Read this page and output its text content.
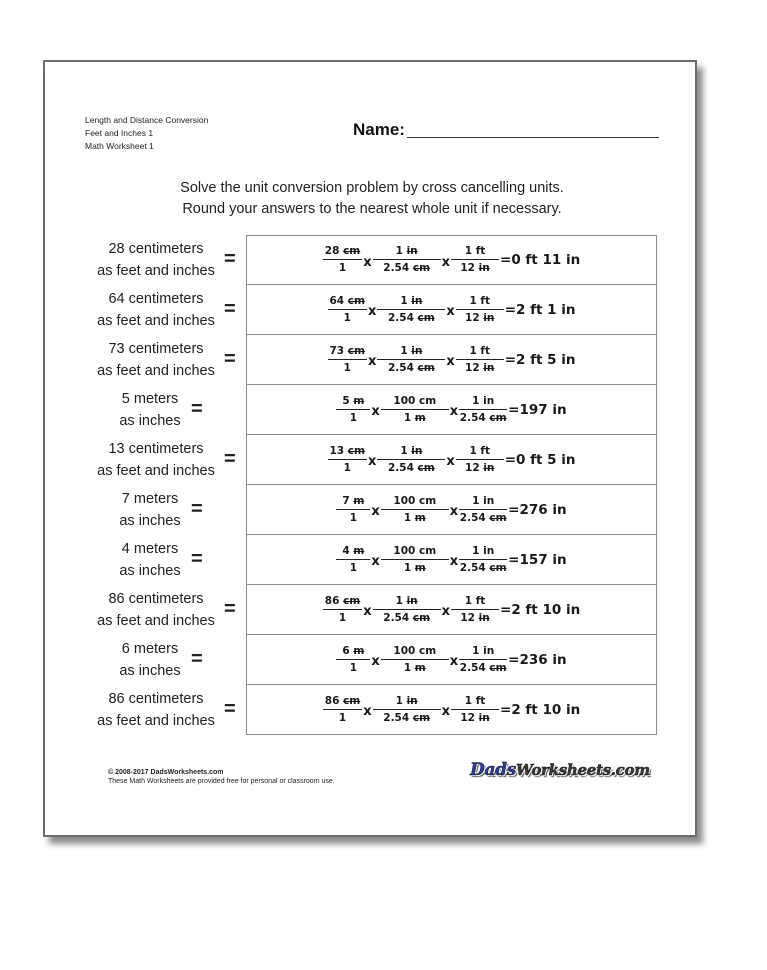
Length and Distance Conversion
Feet and Inches 1
Math Worksheet 1
Name:
Solve the unit conversion problem by cross cancelling units.
Round your answers to the nearest whole unit if necessary.
28 centimeters
as feet and inches
=	$\frac{28 cm}{1}$ x $\frac{1 in}{2.54 cm}$ x $\frac{1 ft}{12 in} =0$ ft 11 in
64 centimeters
as feet and inches
=	$\frac{64 cm}{1}$ x $\frac{1 in}{2.54 cm}$ x $\frac{1 ft}{12 in} =2$ ft 1 in
73 centimeters
as feet and inches
=	$\frac{73 cm}{1}$ x $\frac{1 in}{2.54 cm}$ x $\frac{1 ft}{12 in} =2$ ft 5 in
5 meters
as inches
=	$\frac{5 m}{1}$ x $\frac{100 cm}{1 m}$ x $\frac{1 in}{2.54 cm} =197$ in
13 centimeters
as feet and inches
=	$\frac{13 cm}{1}$ x $\frac{1 in}{2.54 cm}$ x $\frac{1 ft}{12 in} =0$ ft 5 in
7 meters
as inches
=	$\frac{7 m}{1}$ x $\frac{100 cm}{1 m}$ x $\frac{1 in}{2.54 cm} =276$ in
4 meters
as inches
=	$\frac{4 m}{1}$ x $\frac{100 cm}{1 m}$ x $\frac{1 in}{2.54 cm} =157$ in
86 centimeters
as feet and inches
=	$\frac{86 cm}{1}$ x $\frac{1 in}{2.54 cm}$ x $\frac{1 ft}{12 in} =2$ ft 10 in
6 meters
as inches
=	$\frac{6 m}{1}$ x $\frac{100 cm}{1 m}$ x $\frac{1 in}{2.54 cm} =236$ in
86 centimeters
as feet and inches
=	$\frac{86 cm}{1}$ x $\frac{1 in}{2.54 cm}$ x $\frac{1 ft}{12 in} =2$ ft 10 in
© 2008-2017 DadsWorksheets.com
These Math Worksheets are provided free for personal or classroom use.
DadsWorksheets.com
